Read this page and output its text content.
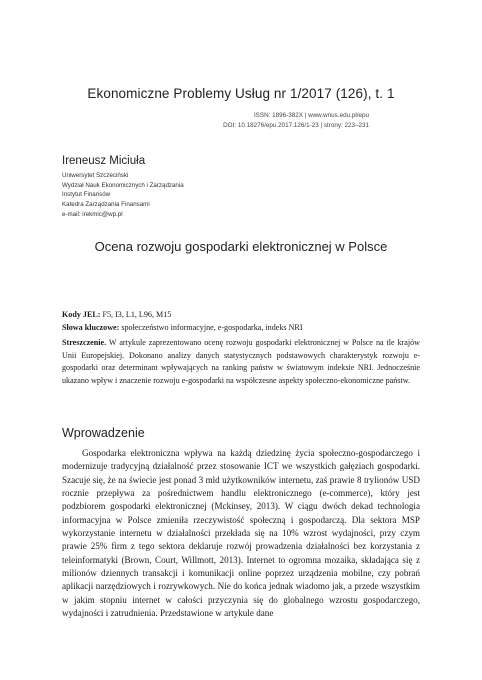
Ekonomiczne Problemy Usług nr 1/2017 (126), t. 1
ISSN: 1896-382X | www.wnus.edu.pl/epu
DOI: 10.18276/epu.2017.126/1-23 | strony: 223–231
Ireneusz Miciuła
Uniwersytet Szczeciński
Wydział Nauk Ekonomicznych i Zarządzania
Instytut Finansów
Katedra Zarządzania Finansami
e-mail: irekmic@wp.pl
Ocena rozwoju gospodarki elektronicznej w Polsce
Kody JEL: F5, I3, L1, L96, M15
Słowa kluczowe: społeczeństwo informacyjne, e-gospodarka, indeks NRI
Streszczenie. W artykule zaprezentowano ocenę rozwoju gospodarki elektronicznej w Polsce na tle krajów Unii Europejskiej. Dokonano analizy danych statystycznych podstawowych charakterystyk rozwoju e-gospodarki oraz determinant wpływających na ranking państw w światowym indeksie NRI. Jednocześnie ukazano wpływ i znaczenie rozwoju e-gospodarki na współczesne aspekty społeczno-ekonomiczne państw.
Wprowadzenie
Gospodarka elektroniczna wpływa na każdą dziedzinę życia społeczno-gospodarczego i modernizuje tradycyjną działalność przez stosowanie ICT we wszystkich gałęziach gospodarki. Szacuje się, że na świecie jest ponad 3 mld użytkowników internetu, zaś prawie 8 trylionów USD rocznie przepływa za pośrednictwem handlu elektronicznego (e-commerce), który jest podzbiorem gospodarki elektronicznej (Mckinsey, 2013). W ciągu dwóch dekad technologia informacyjna w Polsce zmieniła rzeczywistość społeczną i gospodarczą. Dla sektora MSP wykorzystanie internetu w działalności przekłada się na 10% wzrost wydajności, przy czym prawie 25% firm z tego sektora deklaruje rozwój prowadzenia działalności bez korzystania z teleinformatyki (Brown, Court, Willmott, 2013). Internet to ogromna mozaika, składająca się z milionów dziennych transakcji i komunikacji online poprzez urządzenia mobilne, czy pobrań aplikacji narzędziowych i rozrywkowych. Nie do końca jednak wiadomo jak, a przede wszystkim w jakim stopniu internet w całości przyczynia się do globalnego wzrostu gospodarczego, wydajności i zatrudnienia. Przedstawione w artykule dane
